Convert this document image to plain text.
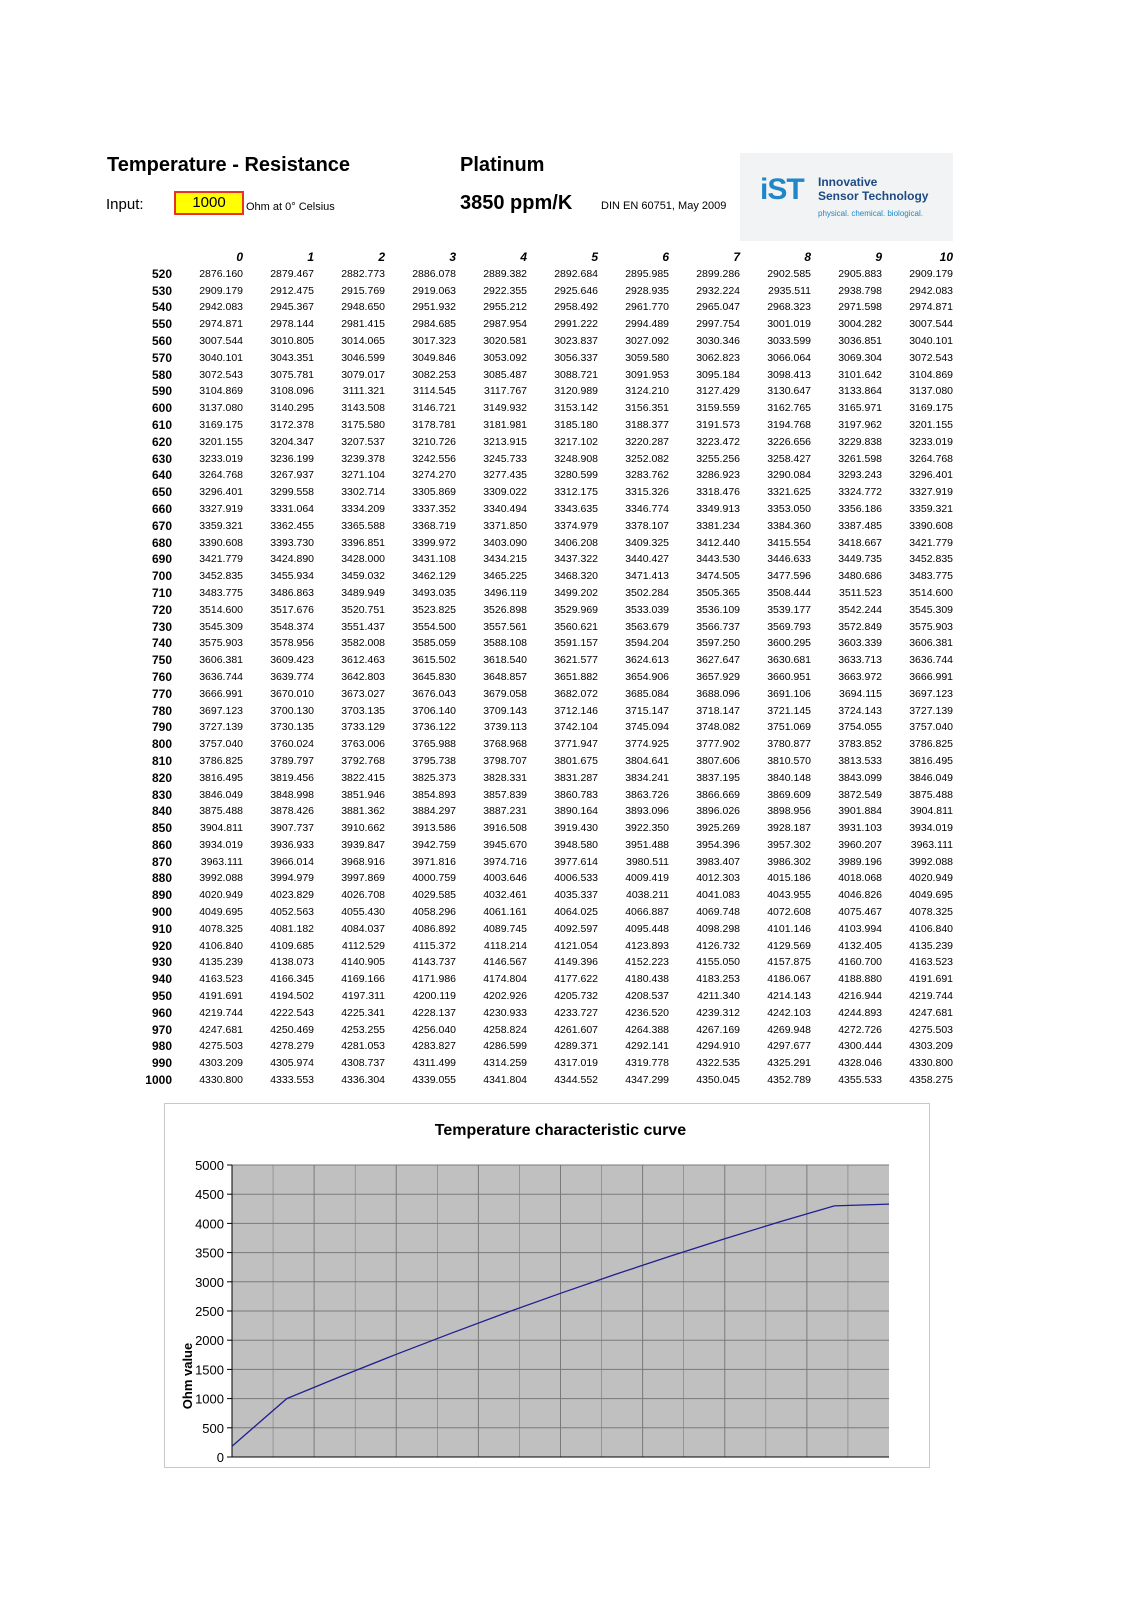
Temperature - Resistance	Platinum
3850 ppm/K	DIN EN 60751, May 2009
Input:	1000	Ohm at 0° Celsius
iST Innovative
Sensor Technology
physical. chemical. biological.
	0	1	2	3	4	5	6	7	8	9	10
520	2876.160	2879.467	2882.773	2886.078	2889.382	2892.684	2895.985	2899.286	2902.585	2905.883	2909.179
530	2909.179	2912.475	2915.769	2919.063	2922.355	2925.646	2928.935	2932.224	2935.511	2938.798	2942.083
540	2942.083	2945.367	2948.650	2951.932	2955.212	2958.492	2961.770	2965.047	2968.323	2971.598	2974.871
550	2974.871	2978.144	2981.415	2984.685	2987.954	2991.222	2994.489	2997.754	3001.019	3004.282	3007.544
560	3007.544	3010.805	3014.065	3017.323	3020.581	3023.837	3027.092	3030.346	3033.599	3036.851	3040.101
570	3040.101	3043.351	3046.599	3049.846	3053.092	3056.337	3059.580	3062.823	3066.064	3069.304	3072.543
580	3072.543	3075.781	3079.017	3082.253	3085.487	3088.721	3091.953	3095.184	3098.413	3101.642	3104.869
590	3104.869	3108.096	3111.321	3114.545	3117.767	3120.989	3124.210	3127.429	3130.647	3133.864	3137.080
600	3137.080	3140.295	3143.508	3146.721	3149.932	3153.142	3156.351	3159.559	3162.765	3165.971	3169.175
610	3169.175	3172.378	3175.580	3178.781	3181.981	3185.180	3188.377	3191.573	3194.768	3197.962	3201.155
620	3201.155	3204.347	3207.537	3210.726	3213.915	3217.102	3220.287	3223.472	3226.656	3229.838	3233.019
630	3233.019	3236.199	3239.378	3242.556	3245.733	3248.908	3252.082	3255.256	3258.427	3261.598	3264.768
640	3264.768	3267.937	3271.104	3274.270	3277.435	3280.599	3283.762	3286.923	3290.084	3293.243	3296.401
650	3296.401	3299.558	3302.714	3305.869	3309.022	3312.175	3315.326	3318.476	3321.625	3324.772	3327.919
660	3327.919	3331.064	3334.209	3337.352	3340.494	3343.635	3346.774	3349.913	3353.050	3356.186	3359.321
670	3359.321	3362.455	3365.588	3368.719	3371.850	3374.979	3378.107	3381.234	3384.360	3387.485	3390.608
680	3390.608	3393.730	3396.851	3399.972	3403.090	3406.208	3409.325	3412.440	3415.554	3418.667	3421.779
690	3421.779	3424.890	3428.000	3431.108	3434.215	3437.322	3440.427	3443.530	3446.633	3449.735	3452.835
700	3452.835	3455.934	3459.032	3462.129	3465.225	3468.320	3471.413	3474.505	3477.596	3480.686	3483.775
710	3483.775	3486.863	3489.949	3493.035	3496.119	3499.202	3502.284	3505.365	3508.444	3511.523	3514.600
720	3514.600	3517.676	3520.751	3523.825	3526.898	3529.969	3533.039	3536.109	3539.177	3542.244	3545.309
730	3545.309	3548.374	3551.437	3554.500	3557.561	3560.621	3563.679	3566.737	3569.793	3572.849	3575.903
740	3575.903	3578.956	3582.008	3585.059	3588.108	3591.157	3594.204	3597.250	3600.295	3603.339	3606.381
750	3606.381	3609.423	3612.463	3615.502	3618.540	3621.577	3624.613	3627.647	3630.681	3633.713	3636.744
760	3636.744	3639.774	3642.803	3645.830	3648.857	3651.882	3654.906	3657.929	3660.951	3663.972	3666.991
770	3666.991	3670.010	3673.027	3676.043	3679.058	3682.072	3685.084	3688.096	3691.106	3694.115	3697.123
780	3697.123	3700.130	3703.135	3706.140	3709.143	3712.146	3715.147	3718.147	3721.145	3724.143	3727.139
790	3727.139	3730.135	3733.129	3736.122	3739.113	3742.104	3745.094	3748.082	3751.069	3754.055	3757.040
800	3757.040	3760.024	3763.006	3765.988	3768.968	3771.947	3774.925	3777.902	3780.877	3783.852	3786.825
810	3786.825	3789.797	3792.768	3795.738	3798.707	3801.675	3804.641	3807.606	3810.570	3813.533	3816.495
820	3816.495	3819.456	3822.415	3825.373	3828.331	3831.287	3834.241	3837.195	3840.148	3843.099	3846.049
830	3846.049	3848.998	3851.946	3854.893	3857.839	3860.783	3863.726	3866.669	3869.609	3872.549	3875.488
840	3875.488	3878.426	3881.362	3884.297	3887.231	3890.164	3893.096	3896.026	3898.956	3901.884	3904.811
850	3904.811	3907.737	3910.662	3913.586	3916.508	3919.430	3922.350	3925.269	3928.187	3931.103	3934.019
860	3934.019	3936.933	3939.847	3942.759	3945.670	3948.580	3951.488	3954.396	3957.302	3960.207	3963.111
870	3963.111	3966.014	3968.916	3971.816	3974.716	3977.614	3980.511	3983.407	3986.302	3989.196	3992.088
880	3992.088	3994.979	3997.869	4000.759	4003.646	4006.533	4009.419	4012.303	4015.186	4018.068	4020.949
890	4020.949	4023.829	4026.708	4029.585	4032.461	4035.337	4038.211	4041.083	4043.955	4046.826	4049.695
900	4049.695	4052.563	4055.430	4058.296	4061.161	4064.025	4066.887	4069.748	4072.608	4075.467	4078.325
910	4078.325	4081.182	4084.037	4086.892	4089.745	4092.597	4095.448	4098.298	4101.146	4103.994	4106.840
920	4106.840	4109.685	4112.529	4115.372	4118.214	4121.054	4123.893	4126.732	4129.569	4132.405	4135.239
930	4135.239	4138.073	4140.905	4143.737	4146.567	4149.396	4152.223	4155.050	4157.875	4160.700	4163.523
940	4163.523	4166.345	4169.166	4171.986	4174.804	4177.622	4180.438	4183.253	4186.067	4188.880	4191.691
950	4191.691	4194.502	4197.311	4200.119	4202.926	4205.732	4208.537	4211.340	4214.143	4216.944	4219.744
960	4219.744	4222.543	4225.341	4228.137	4230.933	4233.727	4236.520	4239.312	4242.103	4244.893	4247.681
970	4247.681	4250.469	4253.255	4256.040	4258.824	4261.607	4264.388	4267.169	4269.948	4272.726	4275.503
980	4275.503	4278.279	4281.053	4283.827	4286.599	4289.371	4292.141	4294.910	4297.677	4300.444	4303.209
990	4303.209	4305.974	4308.737	4311.499	4314.259	4317.019	4319.778	4322.535	4325.291	4328.046	4330.800
1000	4330.800	4333.553	4336.304	4339.055	4341.804	4344.552	4347.299	4350.045	4352.789	4355.533	4358.275
0
500
1000
1500
2000
2500
3000
3500
4000
4500
5000
Temperature characteristic curve
Ohm value
